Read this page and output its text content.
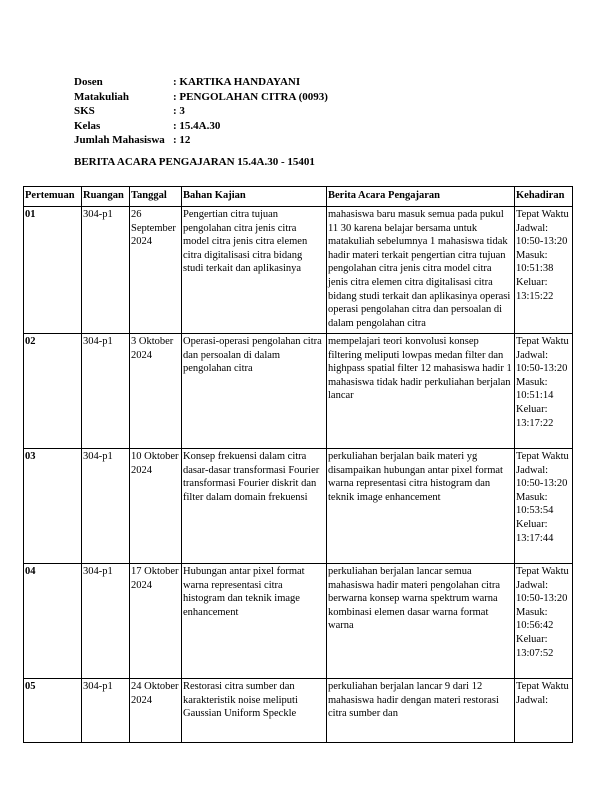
Dosen	: KARTIKA HANDAYANI
Matakuliah	: PENGOLAHAN CITRA (0093)
SKS	: 3
Kelas	: 15.4A.30
Jumlah Mahasiswa : 12
BERITA ACARA PENGAJARAN 15.4A.30 - 15401
Pertemuan	Ruangan	Tanggal	Bahan Kajian	Berita Acara Pengajaran	Kehadiran
01	304-p1	26 September 2024	Pengertian citra tujuan pengolahan citra jenis citra model citra jenis citra elemen citra digitalisasi citra bidang studi terkait dan aplikasinya	mahasiswa baru masuk semua pada pukul 11 30 karena belajar bersama untuk matakuliah sebelumnya 1 mahasiswa tidak hadir materi terkait pengertian citra tujuan pengolahan citra jenis citra model citra jenis citra elemen citra digitalisasi citra bidang studi terkait dan aplikasinya operasi operasi pengolahan citra dan persoalan di dalam pengolahan citra	Tepat Waktu Jadwal: 10:50-13:20 Masuk: 10:51:38 Keluar: 13:15:22
02	304-p1	3 Oktober 2024	Operasi-operasi pengolahan citra dan persoalan di dalam pengolahan citra	mempelajari teori konvolusi konsep filtering meliputi lowpas medan filter dan highpass spatial filter 12 mahasiswa hadir 1 mahasiswa tidak hadir perkuliahan berjalan lancar	Tepat Waktu Jadwal: 10:50-13:20 Masuk: 10:51:14 Keluar: 13:17:22
03	304-p1	10 Oktober 2024	Konsep frekuensi dalam citra dasar-dasar transformasi Fourier transformasi Fourier diskrit dan filter dalam domain frekuensi	perkuliahan berjalan baik materi yg disampaikan hubungan antar pixel format warna representasi citra histogram dan teknik image enhancement	Tepat Waktu Jadwal: 10:50-13:20 Masuk: 10:53:54 Keluar: 13:17:44
04	304-p1	17 Oktober 2024	Hubungan antar pixel format warna representasi citra histogram dan teknik image enhancement	perkuliahan berjalan lancar semua mahasiswa hadir materi pengolahan citra berwarna konsep warna spektrum warna kombinasi elemen dasar warna format warna	Tepat Waktu Jadwal: 10:50-13:20 Masuk: 10:56:42 Keluar: 13:07:52
05	304-p1	24 Oktober 2024	Restorasi citra sumber dan karakteristik noise meliputi Gaussian Uniform Speckle	perkuliahan berjalan lancar 9 dari 12 mahasiswa hadir dengan materi restorasi citra sumber dan	Tepat Waktu Jadwal:
